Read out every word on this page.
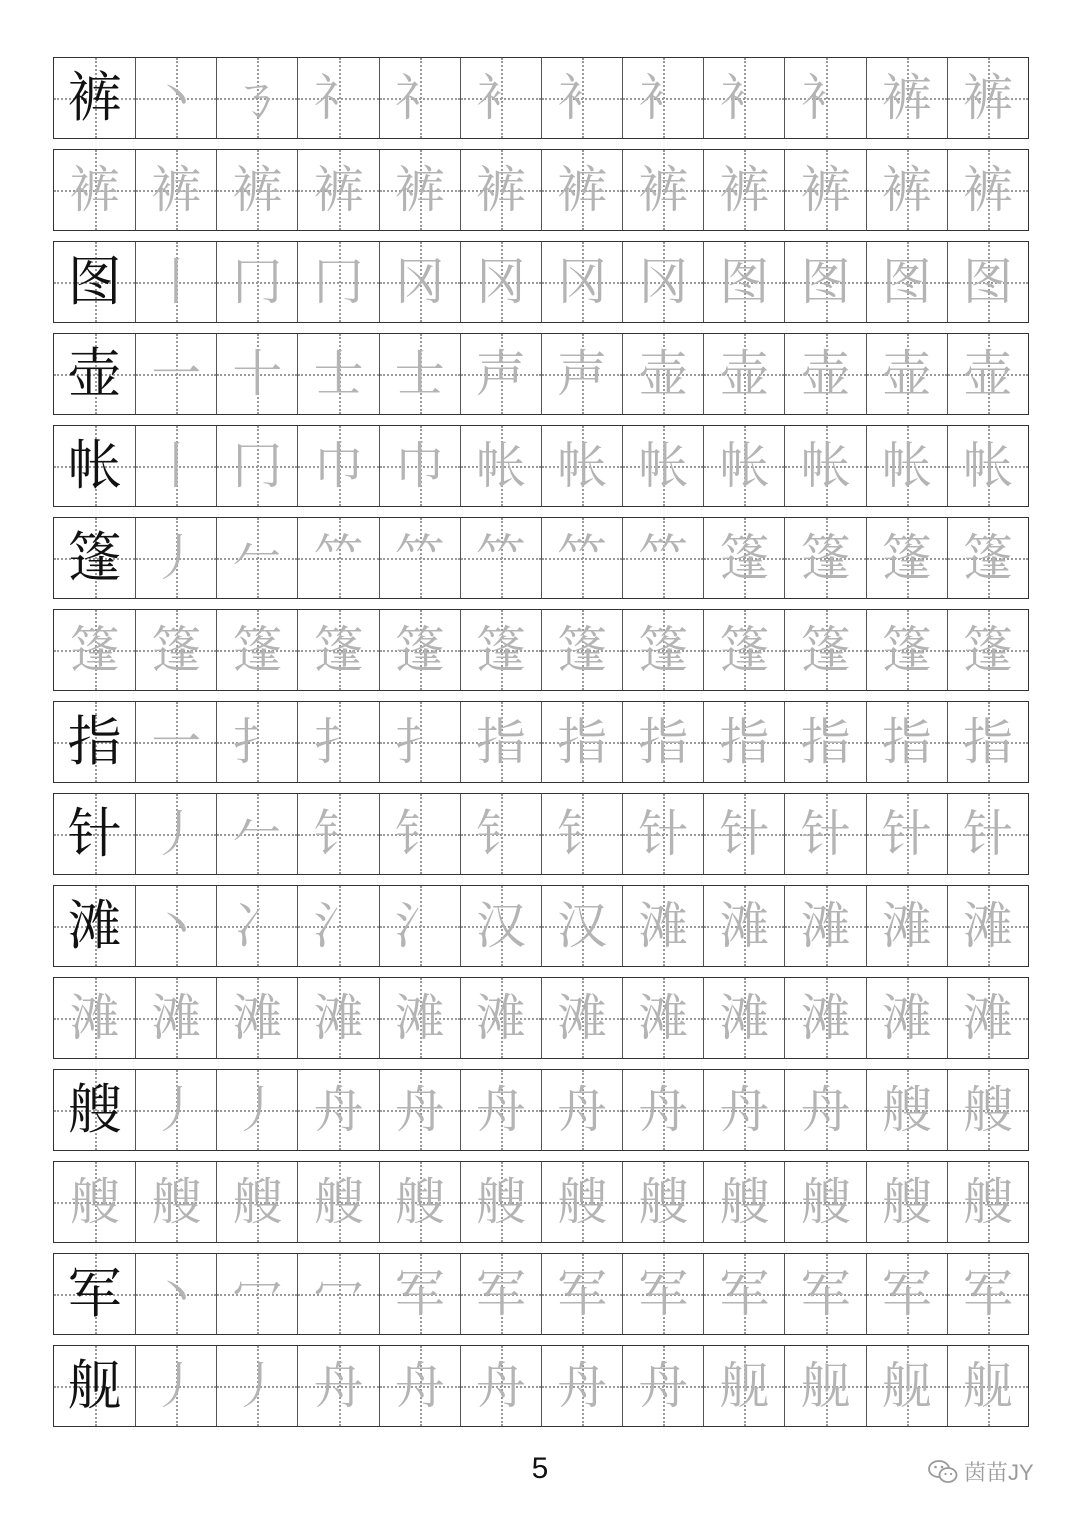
裤 丶 ㄋ 礻 礻 衤 衤 衤 衤 衤 裤 裤
裤 裤 裤 裤 裤 裤 裤 裤 裤 裤 裤 裤
图 丨 冂 冂 冈 冈 冈 冈 图 图 图 图
壶 一 十 士 士 声 声 壶 壶 壶 壶 壶
帐 丨 冂 巾 巾 帐 帐 帐 帐 帐 帐 帐
篷 丿 𠂉 𥫗 𥫗 𥫗 𥫗 𥫗 篷 篷 篷 篷
篷 篷 篷 篷 篷 篷 篷 篷 篷 篷 篷 篷
指 一 扌 扌 扌 指 指 指 指 指 指 指
针 丿 𠂉 钅 钅 钅 钅 针 针 针 针 针
滩 丶 冫 氵 氵 汉 汉 滩 滩 滩 滩 滩
滩 滩 滩 滩 滩 滩 滩 滩 滩 滩 滩 滩
艘 丿 丿 舟 舟 舟 舟 舟 舟 舟 艘 艘
艘 艘 艘 艘 艘 艘 艘 艘 艘 艘 艘 艘
军 丶 冖 冖 军 军 军 军 军 军 军 军
舰 丿 丿 舟 舟 舟 舟 舟 舰 舰 舰 舰
5	茵苗JY
